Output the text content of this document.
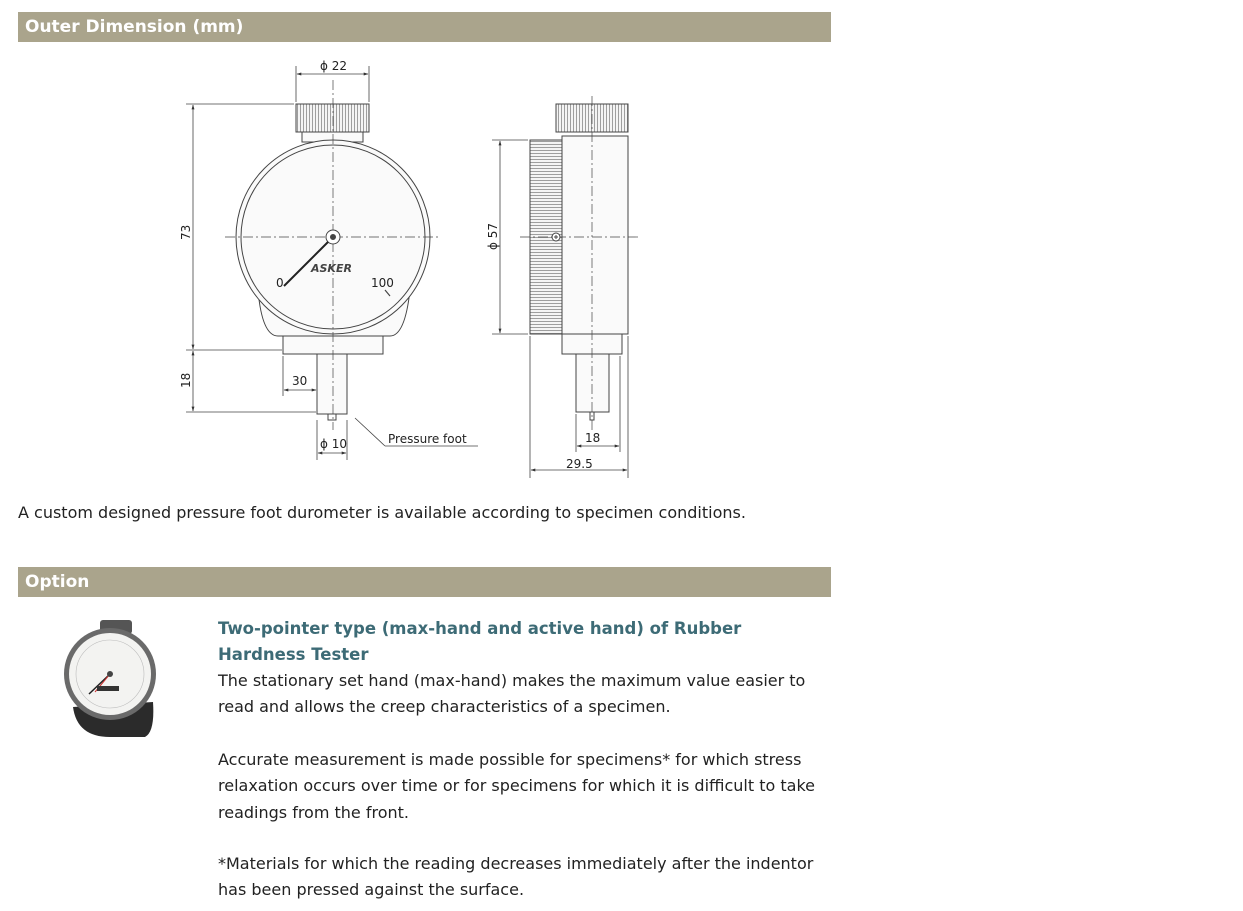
Outer Dimension (mm)
0	100
ASKER
ϕ 22
73
18	30
ϕ 10	Pressure foot
ϕ 57
18
29.5
A custom designed pressure foot durometer is available according to specimen conditions.
Option
Two-pointer type (max-hand and active hand) of Rubber Hardness Tester
The stationary set hand (max-hand) makes the maximum value easier to read and allows the creep characteristics of a specimen.
Accurate measurement is made possible for specimens* for which stress relaxation occurs over time or for specimens for which it is difficult to take readings from the front.
*Materials for which the reading decreases immediately after the indentor has been pressed against the surface.
